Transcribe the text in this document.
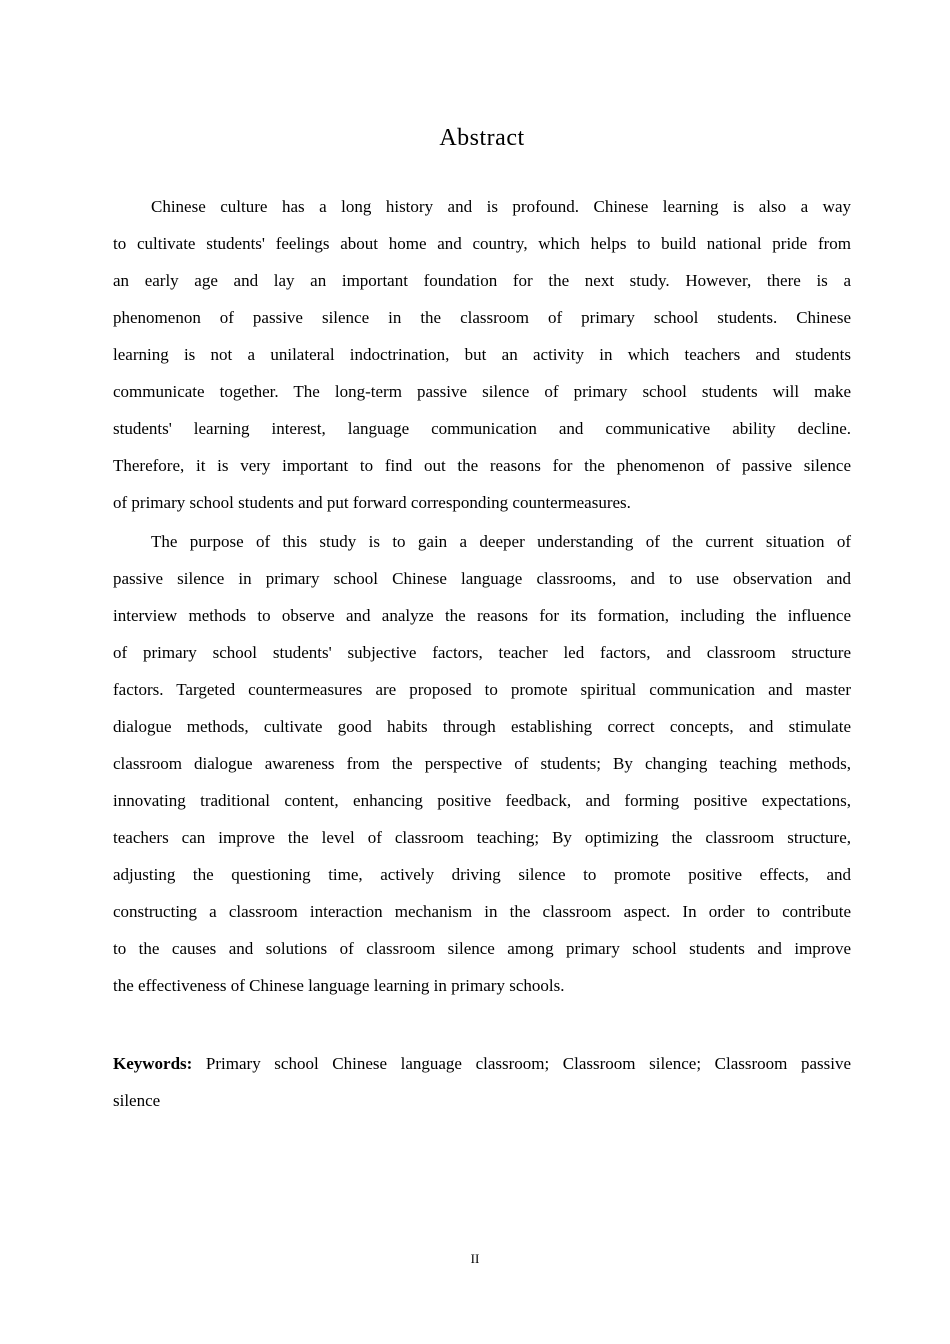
Abstract
Chinese culture has a long history and is profound. Chinese learning is also a way
to cultivate students' feelings about home and country, which helps to build national pride from
an early age and lay an important foundation for the next study. However, there is a
phenomenon of passive silence in the classroom of primary school students. Chinese
learning is not a unilateral indoctrination, but an activity in which teachers and students
communicate together. The long-term passive silence of primary school students will make
students' learning interest, language communication and communicative ability decline.
Therefore, it is very important to find out the reasons for the phenomenon of passive silence
of primary school students and put forward corresponding countermeasures.
The purpose of this study is to gain a deeper understanding of the current situation of
passive silence in primary school Chinese language classrooms, and to use observation and
interview methods to observe and analyze the reasons for its formation, including the influence
of primary school students' subjective factors, teacher led factors, and classroom structure
factors. Targeted countermeasures are proposed to promote spiritual communication and master
dialogue methods, cultivate good habits through establishing correct concepts, and stimulate
classroom dialogue awareness from the perspective of students; By changing teaching methods,
innovating traditional content, enhancing positive feedback, and forming positive expectations,
teachers can improve the level of classroom teaching; By optimizing the classroom structure,
adjusting the questioning time, actively driving silence to promote positive effects, and
constructing a classroom interaction mechanism in the classroom aspect. In order to contribute
to the causes and solutions of classroom silence among primary school students and improve
the effectiveness of Chinese language learning in primary schools.
Keywords: Primary school Chinese language classroom; Classroom silence; Classroom passive
silence
II
